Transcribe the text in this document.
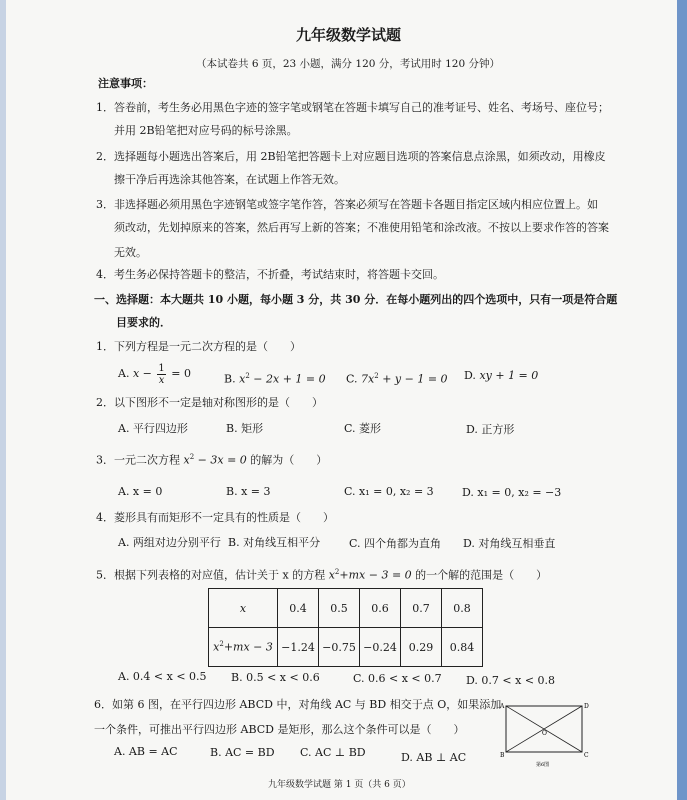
九年级数学试题
（本试卷共 6 页，23 小题，满分 120 分，考试用时 120 分钟）
注意事项：
1．答卷前，考生务必用黑色字迹的签字笔或钢笔在答题卡填写自己的准考证号、姓名、考场号、座位号；
并用 2B铅笔把对应号码的标号涂黑。
2．选择题每小题选出答案后，用 2B铅笔把答题卡上对应题目选项的答案信息点涂黑，如须改动，用橡皮
擦干净后再选涂其他答案，在试题上作答无效。
3．非选择题必须用黑色字迹钢笔或签字笔作答，答案必须写在答题卡各题目指定区域内相应位置上。如
须改动，先划掉原来的答案，然后再写上新的答案；不准使用铅笔和涂改液。不按以上要求作答的答案
无效。
4．考生务必保持答题卡的整洁，不折叠，考试结束时，将答题卡交回。
一、选择题：本大题共 10 小题，每小题 3 分，共 30 分．在每小题列出的四个选项中，只有一项是符合题
目要求的．
1．下列方程是一元二次方程的是（　　）
A. $x - \frac{1}{x} = 0$	B. $x^2 - 2x + 1 = 0$ C. $7x^2 + y - 1 = 0$ D. xy + 1 = 0
2．以下图形不一定是轴对称图形的是（　　）
A. 平行四边形	B. 矩形	C. 菱形	D. 正方形
3．一元二次方程 $x^2 - 3x = 0$ 的解为（　　）
A. x = 0	B. x = 3	C. x₁ = 0, x₂ = 3	D. x₁ = 0, x₂ = −3
4．菱形具有而矩形不一定具有的性质是（　　）
A. 两组对边分别平行 B. 对角线互相平分	C. 四个角都为直角 D. 对角线互相垂直
5．根据下列表格的对应值，估计关于 x 的方程 $x^2+mx - 3 = 0$ 的一个解的范围是（　　）
x	0.4	0.5	0.6	0.7	0.8
$x^2+mx - 3$	−1.24	−0.75	−0.24	0.29	0.84
A. 0.4 < x < 0.5 B. 0.5 < x < 0.6	C. 0.6 < x < 0.7 D. 0.7 < x < 0.8
6．如第 6 图，在平行四边形 ABCD 中，对角线 AC 与 BD 相交于点 O，如果添加
一个条件，可推出平行四边形 ABCD 是矩形，那么这个条件可以是（　　）
A. AB = AC	B. AC = BD C. AC ⊥ BD	D. AB ⊥ AC
A	D
B	C
O
第6图
九年级数学试题 第 1 页（共 6 页）
